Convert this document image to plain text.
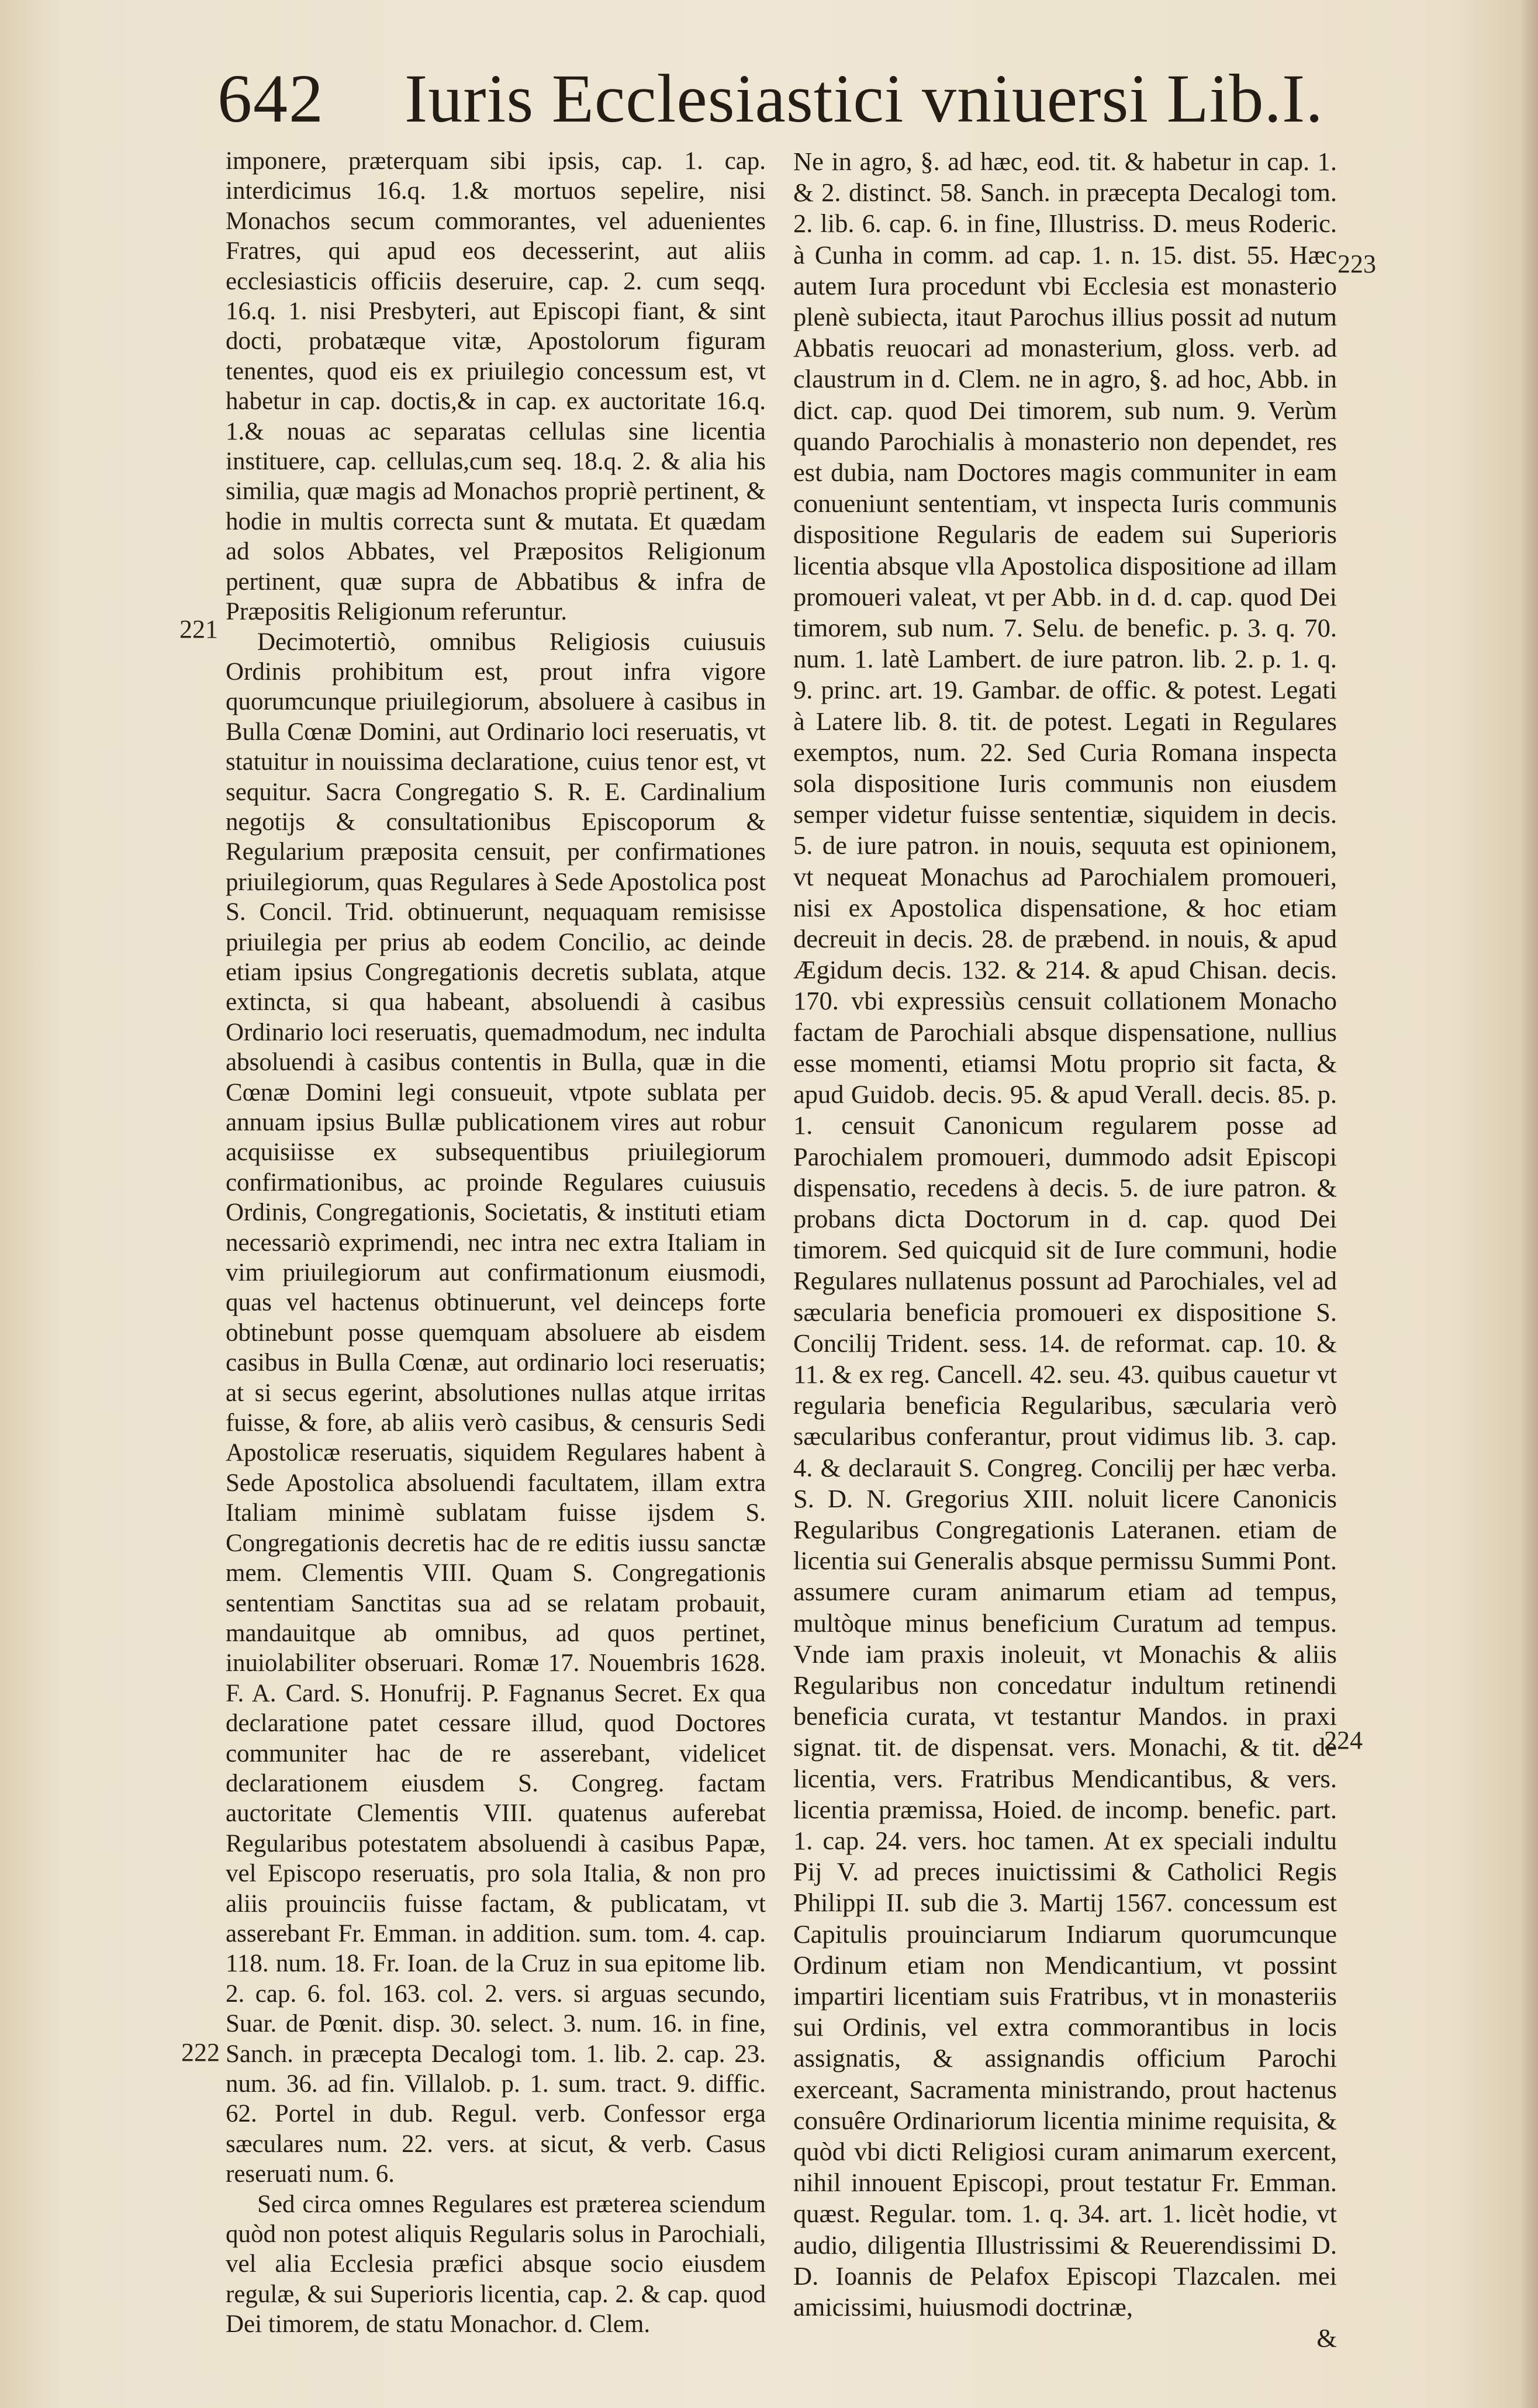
642 Iuris Ecclesiastici vniuersi Lib.I.
221
222
223
224

imponere, præterquam sibi ipsis, cap. 1. cap. interdicimus 16.q. 1.& mortuos sepelire, nisi Monachos secum commorantes, vel aduenientes Fratres, qui apud eos decesserint, aut aliis ecclesiasticis officiis deseruire, cap. 2. cum seqq. 16.q. 1. nisi Presbyteri, aut Episcopi fiant, & sint docti, probatæque vitæ, Apostolorum figuram tenentes, quod eis ex priuilegio concessum est, vt habetur in cap. doctis,& in cap. ex auctoritate 16.q. 1.& nouas ac separatas cellulas sine licentia instituere, cap. cellulas,cum seq. 18.q. 2. & alia his similia, quæ magis ad Monachos propriè pertinent, & hodie in multis correcta sunt & mutata. Et quædam ad solos Abbates, vel Præpositos Religionum pertinent, quæ supra de Abbatibus & infra de Præpositis Religionum referuntur.

Decimotertiò, omnibus Religiosis cuiusuis Ordinis prohibitum est, prout infra vigore quorumcunque priuilegiorum, absoluere à casibus in Bulla Cœnæ Domini, aut Ordinario loci reseruatis, vt statuitur in nouissima declaratione, cuius tenor est, vt sequitur. Sacra Congregatio S. R. E. Cardinalium negotijs & consultationibus Episcoporum & Regularium præposita censuit, per confirmationes priuilegiorum, quas Regulares à Sede Apostolica post S. Concil. Trid. obtinuerunt, nequaquam remisisse priuilegia per prius ab eodem Concilio, ac deinde etiam ipsius Congregationis decretis sublata, atque extincta, si qua habeant, absoluendi à casibus Ordinario loci reseruatis, quemadmodum, nec indulta absoluendi à casibus contentis in Bulla, quæ in die Cœnæ Domini legi consueuit, vtpote sublata per annuam ipsius Bullæ publicationem vires aut robur acquisiisse ex subsequentibus priuilegiorum confirmationibus, ac proinde Regulares cuiusuis Ordinis, Congregationis, Societatis, & instituti etiam necessariò exprimendi, nec intra nec extra Italiam in vim priuilegiorum aut confirmationum eiusmodi, quas vel hactenus obtinuerunt, vel deinceps forte obtinebunt posse quemquam absoluere ab eisdem casibus in Bulla Cœnæ, aut ordinario loci reseruatis; at si secus egerint, absolutiones nullas atque irritas fuisse, & fore, ab aliis verò casibus, & censuris Sedi Apostolicæ reseruatis, siquidem Regulares habent à Sede Apostolica absoluendi facultatem, illam extra Italiam minimè sublatam fuisse ijsdem S. Congregationis decretis hac de re editis iussu sanctæ mem. Clementis VIII. Quam S. Congregationis sententiam Sanctitas sua ad se relatam probauit, mandauitque ab omnibus, ad quos pertinet, inuiolabiliter obseruari. Romæ 17. Nouembris 1628. F. A. Card. S. Honufrij. P. Fagnanus Secret. Ex qua declaratione patet cessare illud, quod Doctores communiter hac de re asserebant, videlicet declarationem eiusdem S. Congreg. factam auctoritate Clementis VIII. quatenus auferebat Regularibus potestatem absoluendi à casibus Papæ, vel Episcopo reseruatis, pro sola Italia, & non pro aliis prouinciis fuisse factam, & publicatam, vt asserebant Fr. Emman. in addition. sum. tom. 4. cap. 118. num. 18. Fr. Ioan. de la Cruz in sua epitome lib. 2. cap. 6. fol. 163. col. 2. vers. si arguas secundo, Suar. de Pœnit. disp. 30. select. 3. num. 16. in fine, Sanch. in præcepta Decalogi tom. 1. lib. 2. cap. 23. num. 36. ad fin. Villalob. p. 1. sum. tract. 9. diffic. 62. Portel in dub. Regul. verb. Confessor erga sæculares num. 22. vers. at sicut, & verb. Casus reseruati num. 6.

Sed circa omnes Regulares est præterea sciendum quòd non potest aliquis Regularis solus in Parochiali, vel alia Ecclesia præfici absque socio eiusdem regulæ, & sui Superioris licentia, cap. 2. & cap. quod Dei timorem, de statu Monachor. d. Clem.

Ne in agro, §. ad hæc, eod. tit. & habetur in cap. 1. & 2. distinct. 58. Sanch. in præcepta Decalogi tom. 2. lib. 6. cap. 6. in fine, Illustriss. D. meus Roderic. à Cunha in comm. ad cap. 1. n. 15. dist. 55. Hæc autem Iura procedunt vbi Ecclesia est monasterio plenè subiecta, itaut Parochus illius possit ad nutum Abbatis reuocari ad monasterium, gloss. verb. ad claustrum in d. Clem. ne in agro, §. ad hoc, Abb. in dict. cap. quod Dei timorem, sub num. 9. Verùm quando Parochialis à monasterio non dependet, res est dubia, nam Doctores magis communiter in eam conueniunt sententiam, vt inspecta Iuris communis dispositione Regularis de eadem sui Superioris licentia absque vlla Apostolica dispositione ad illam promoueri valeat, vt per Abb. in d. d. cap. quod Dei timorem, sub num. 7. Selu. de benefic. p. 3. q. 70. num. 1. latè Lambert. de iure patron. lib. 2. p. 1. q. 9. princ. art. 19. Gambar. de offic. & potest. Legati à Latere lib. 8. tit. de potest. Legati in Regulares exemptos, num. 22. Sed Curia Romana inspecta sola dispositione Iuris communis non eiusdem semper videtur fuisse sententiæ, siquidem in decis. 5. de iure patron. in nouis, sequuta est opinionem, vt nequeat Monachus ad Parochialem promoueri, nisi ex Apostolica dispensatione, & hoc etiam decreuit in decis. 28. de præbend. in nouis, & apud Ægidum decis. 132. & 214. & apud Chisan. decis. 170. vbi expressiùs censuit collationem Monacho factam de Parochiali absque dispensatione, nullius esse momenti, etiamsi Motu proprio sit facta, & apud Guidob. decis. 95. & apud Verall. decis. 85. p. 1. censuit Canonicum regularem posse ad Parochialem promoueri, dummodo adsit Episcopi dispensatio, recedens à decis. 5. de iure patron. & probans dicta Doctorum in d. cap. quod Dei timorem. Sed quicquid sit de Iure communi, hodie Regulares nullatenus possunt ad Parochiales, vel ad sæcularia beneficia promoueri ex dispositione S. Concilij Trident. sess. 14. de reformat. cap. 10. & 11. & ex reg. Cancell. 42. seu. 43. quibus cauetur vt regularia beneficia Regularibus, sæcularia verò sæcularibus conferantur, prout vidimus lib. 3. cap. 4. & declarauit S. Congreg. Concilij per hæc verba. S. D. N. Gregorius XIII. noluit licere Canonicis Regularibus Congregationis Lateranen. etiam de licentia sui Generalis absque permissu Summi Pont. assumere curam animarum etiam ad tempus, multòque minus beneficium Curatum ad tempus. Vnde iam praxis inoleuit, vt Monachis & aliis Regularibus non concedatur indultum retinendi beneficia curata, vt testantur Mandos. in praxi signat. tit. de dispensat. vers. Monachi, & tit. de licentia, vers. Fratribus Mendicantibus, & vers. licentia præmissa, Hoied. de incomp. benefic. part. 1. cap. 24. vers. hoc tamen. At ex speciali indultu Pij V. ad preces inuictissimi & Catholici Regis Philippi II. sub die 3. Martij 1567. concessum est Capitulis prouinciarum Indiarum quorumcunque Ordinum etiam non Mendicantium, vt possint impartiri licentiam suis Fratribus, vt in monasteriis sui Ordinis, vel extra commorantibus in locis assignatis, & assignandis officium Parochi exerceant, Sacramenta ministrando, prout hactenus consuêre Ordinariorum licentia minime requisita, & quòd vbi dicti Religiosi curam animarum exercent, nihil innouent Episcopi, prout testatur Fr. Emman. quæst. Regular. tom. 1. q. 34. art. 1. licèt hodie, vt audio, diligentia Illustrissimi & Reuerendissimi D. D. Ioannis de Pelafox Episcopi Tlazcalen. mei amicissimi, huiusmodi doctrinæ,

&
